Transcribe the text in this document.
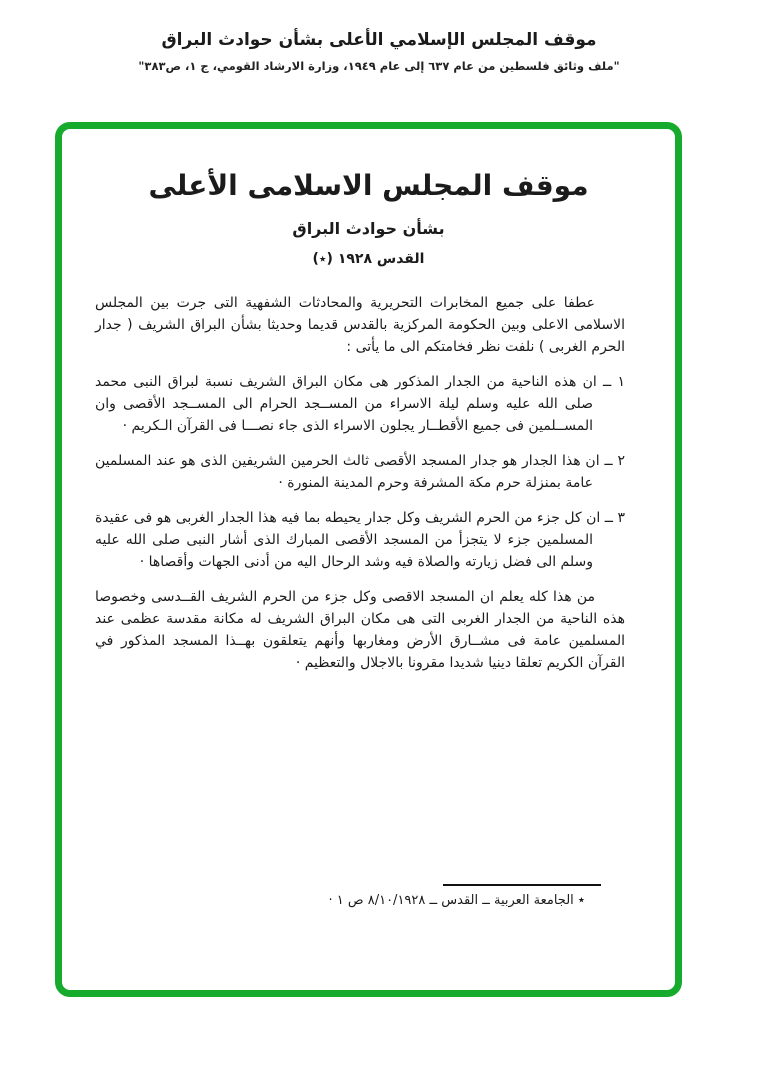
موقف المجلس الإسلامي الأعلى بشأن حوادث البراق
"ملف وثائق فلسطين من عام ٦٣٧ إلى عام ١٩٤٩، وزارة الارشاد القومي، ج ١، ص٣٨٣"
موقف المجلس الاسلامى الأعلى
بشأن حوادث البراق
القدس ١٩٢٨ (٭)

عطفا على جميع المخابرات التحريرية والمحادثات الشفهية التى جرت بين المجلس الاسلامى الاعلى وبين الحكومة المركزية بالقدس قديما وحديثا بشأن البراق الشريف ( جدار الحرم الغربى ) نلفت نظر فخامتكم الى ما يأتى :

١ ــ ان هذه الناحية من الجدار المذكور هى مكان البراق الشريف نسبة لبراق النبى محمد صلى الله عليه وسلم ليلة الاسراء من المســجد الحرام الى المســجد الأقصى وان المســلمين فى جميع الأقطــار يجلون الاسراء الذى جاء نصـــا فى القرآن الـكريم ·

٢ ــ ان هذا الجدار هو جدار المسجد الأقصى ثالث الحرمين الشريفين الذى هو عند المسلمين عامة بمنزلة حرم مكة المشرفة وحرم المدينة المنورة ·

٣ ــ ان كل جزء من الحرم الشريف وكل جدار يحيطه بما فيه هذا الجدار الغربى هو فى عقيدة المسلمين جزء لا يتجزأ من المسجد الأقصى المبارك الذى أشار النبى صلى الله عليه وسلم الى فضل زيارته والصلاة فيه وشد الرحال اليه من أدنى الجهات وأقصاها ·

من هذا كله يعلم ان المسجد الاقصى وكل جزء من الحرم الشريف القــدسى وخصوصا هذه الناحية من الجدار الغربى التى هى مكان البراق الشريف له مكانة مقدسة عظمى عند المسلمين عامة فى مشــارق الأرض ومغاربها وأنهم يتعلقون بهــذا المسجد المذكور في القرآن الكريم تعلقا دينيا شديدا مقرونا بالاجلال والتعظيم ·

٭ الجامعة العربية ــ القدس ــ ٨/١٠/١٩٢٨ ص ١ ·
